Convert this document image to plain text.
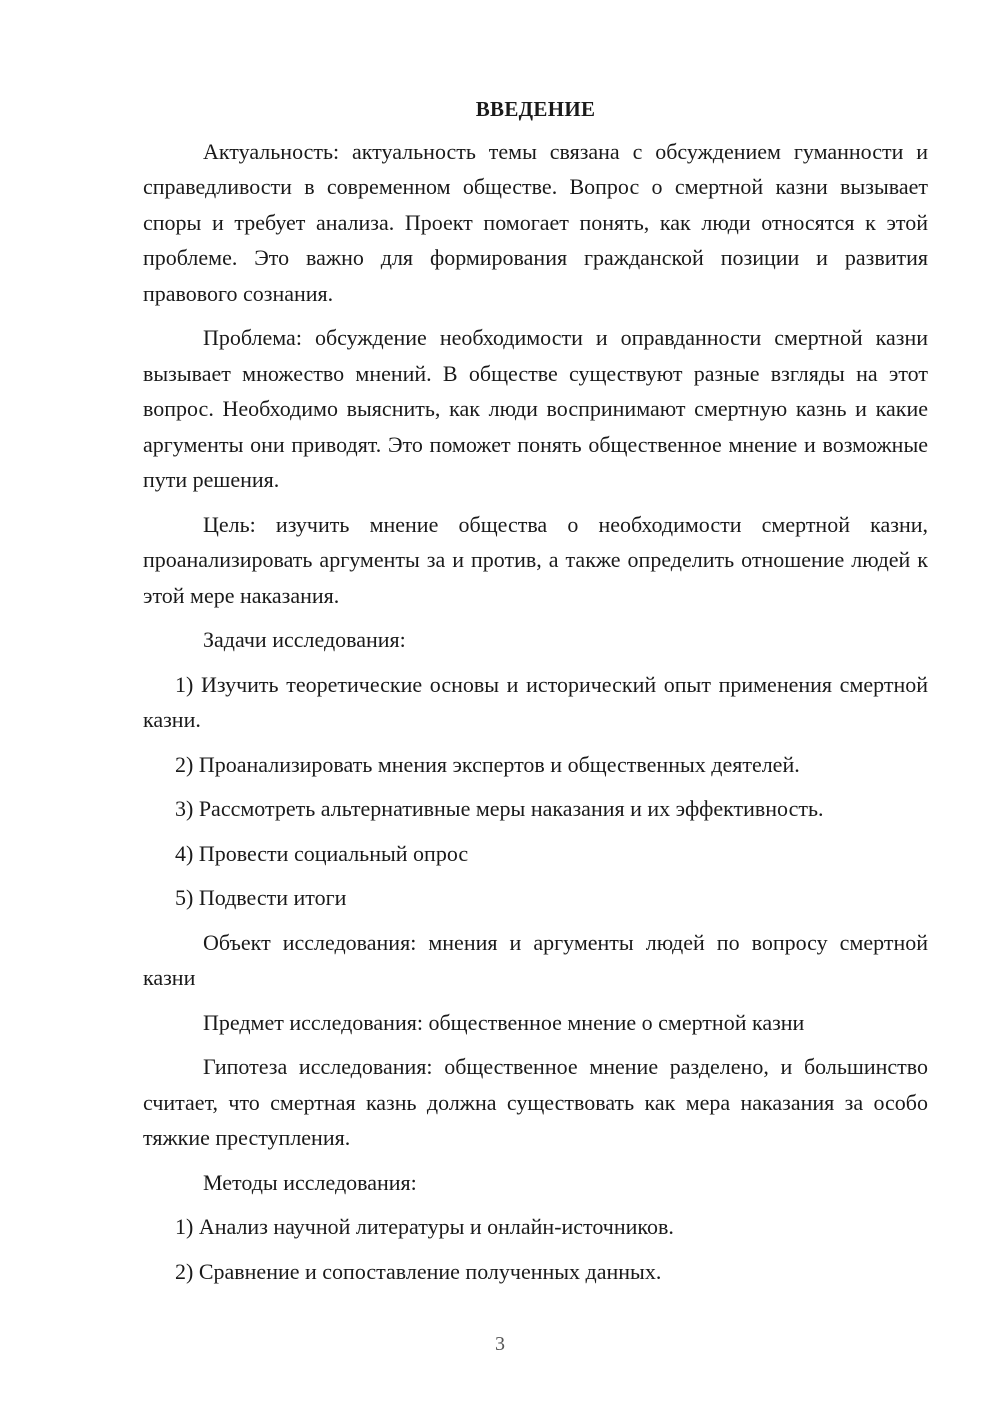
ВВЕДЕНИЕ

Актуальность: актуальность темы связана с обсуждением гуманности и справедливости в современном обществе. Вопрос о смертной казни вызывает споры и требует анализа. Проект помогает понять, как люди относятся к этой проблеме. Это важно для формирования гражданской позиции и развития правового сознания.

Проблема: обсуждение необходимости и оправданности смертной казни вызывает множество мнений. В обществе существуют разные взгляды на этот вопрос. Необходимо выяснить, как люди воспринимают смертную казнь и какие аргументы они приводят. Это поможет понять общественное мнение и возможные пути решения.

Цель: изучить мнение общества о необходимости смертной казни, проанализировать аргументы за и против, а также определить отношение людей к этой мере наказания.

Задачи исследования:

1) Изучить теоретические основы и исторический опыт применения смертной казни.

2) Проанализировать мнения экспертов и общественных деятелей.

3) Рассмотреть альтернативные меры наказания и их эффективность.

4) Провести социальный опрос

5) Подвести итоги

Объект исследования: мнения и аргументы людей по вопросу смертной казни

Предмет исследования: общественное мнение о смертной казни

Гипотеза исследования: общественное мнение разделено, и большинство считает, что смертная казнь должна существовать как мера наказания за особо тяжкие преступления.

Методы исследования:

1) Анализ научной литературы и онлайн-источников.

2) Сравнение и сопоставление полученных данных.

3
